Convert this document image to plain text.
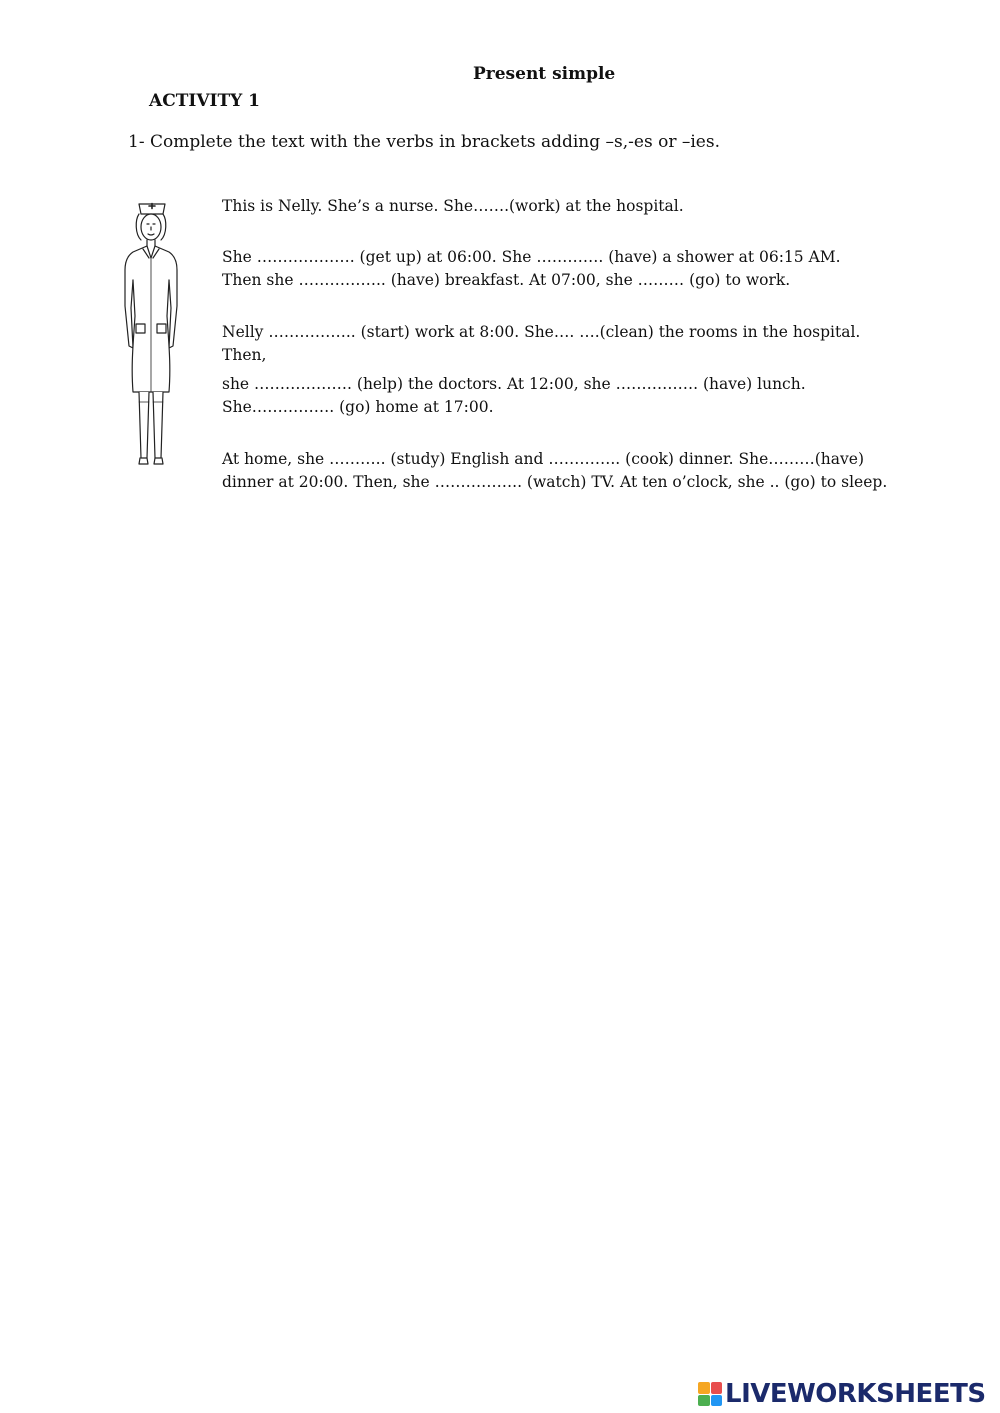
Present simple
ACTIVITY 1
1- Complete the text with the verbs in brackets adding –s,-es or –ies.

This is Nelly. She’s a nurse. She…….(work) at the hospital.

She ………………. (get up) at 06:00. She …………. (have) a shower at 06:15 AM.
Then she …………….. (have) breakfast. At 07:00, she ……… (go) to work.

Nelly …………….. (start) work at 8:00. She…. ….(clean) the rooms in the hospital.
Then,

she ………………. (help) the doctors. At 12:00, she ……………. (have) lunch.
She……………. (go) home at 17:00.

At home, she ……….. (study) English and ………….. (cook) dinner. She………(have)
dinner at 20:00. Then, she …………….. (watch) TV. At ten o’clock, she .. (go) to sleep.

LIVEWORKSHEETS
